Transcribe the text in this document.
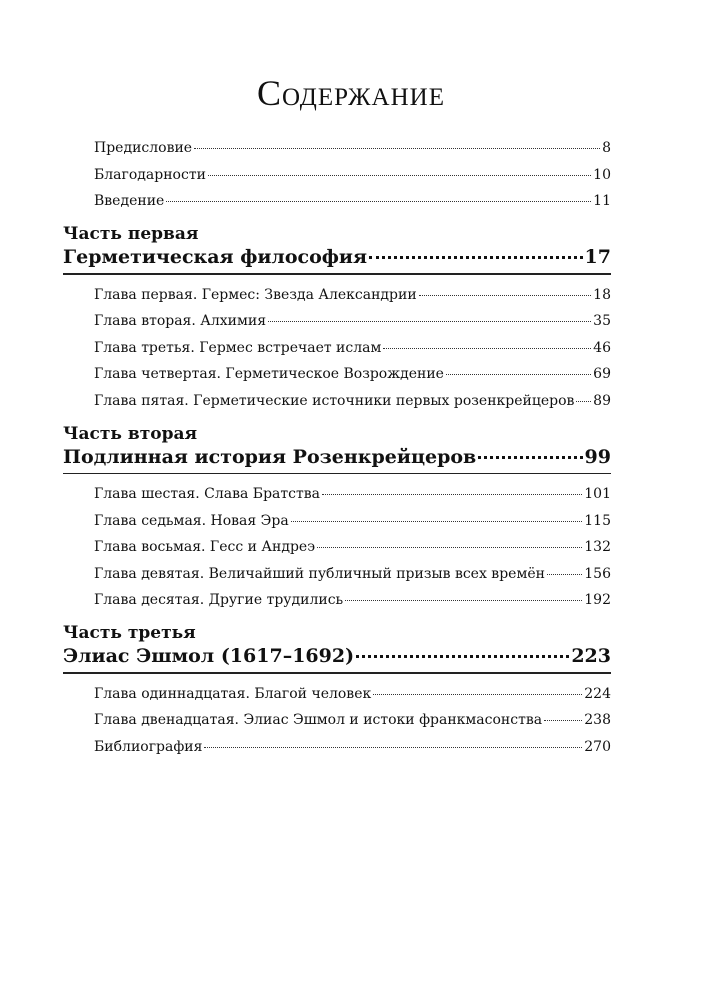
Содержание
Предисловие	8
Благодарности	10
Введение	11
Часть первая
Герметическая философия	17
Глава первая. Гермес: Звезда Александрии	18
Глава вторая. Алхимия	35
Глава третья. Гермес встречает ислам	46
Глава четвертая. Герметическое Возрождение	69
Глава пятая. Герметические источники первых розенкрейцеров 89
Часть вторая
Подлинная история Розенкрейцеров	99
Глава шестая. Слава Братства	101
Глава седьмая. Новая Эра	115
Глава восьмая. Гесс и Андреэ	132
Глава девятая. Величайший публичный призыв всех времён	156
Глава десятая. Другие трудились	192
Часть третья
Элиас Эшмол (1617–1692)	223
Глава одиннадцатая. Благой человек	224
Глава двенадцатая. Элиас Эшмол и истоки франкмасонства	238
Библиография	270
